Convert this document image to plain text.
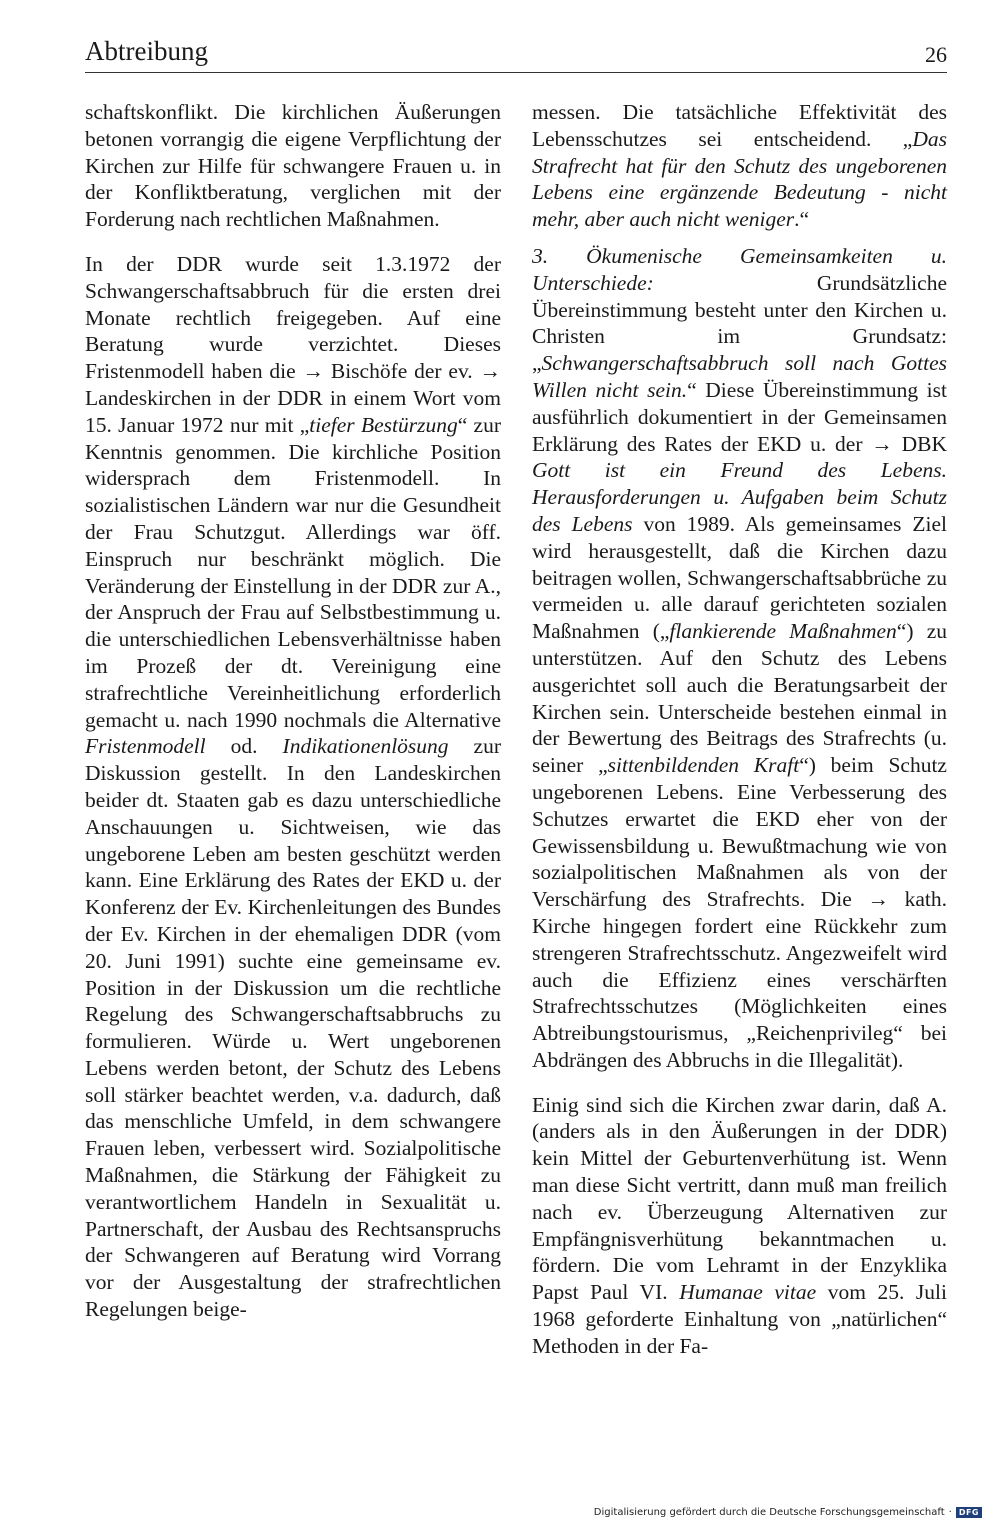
Abtreibung	26

schaftskonflikt. Die kirchlichen Äußerungen betonen vorrangig die eigene Verpflichtung der Kirchen zur Hilfe für schwangere Frauen u. in der Konfliktberatung, verglichen mit der Forderung nach rechtlichen Maßnahmen.

In der DDR wurde seit 1.3.1972 der Schwangerschaftsabbruch für die ersten drei Monate rechtlich freigegeben. Auf eine Beratung wurde verzichtet. Dieses Fristenmodell haben die → Bischöfe der ev. → Landeskirchen in der DDR in einem Wort vom 15. Januar 1972 nur mit „tiefer Bestürzung“ zur Kenntnis genommen. Die kirchliche Position widersprach dem Fristenmodell. In sozialistischen Ländern war nur die Gesundheit der Frau Schutzgut. Allerdings war öff. Einspruch nur beschränkt möglich. Die Veränderung der Einstellung in der DDR zur A., der Anspruch der Frau auf Selbstbestimmung u. die unterschiedlichen Lebensverhältnisse haben im Prozeß der dt. Vereinigung eine strafrechtliche Vereinheitlichung erforderlich gemacht u. nach 1990 nochmals die Alternative Fristenmodell od. Indikationenlösung zur Diskussion gestellt. In den Landeskirchen beider dt. Staaten gab es dazu unterschiedliche Anschauungen u. Sichtweisen, wie das ungeborene Leben am besten geschützt werden kann. Eine Erklärung des Rates der EKD u. der Konferenz der Ev. Kirchenleitungen des Bundes der Ev. Kirchen in der ehemaligen DDR (vom 20. Juni 1991) suchte eine gemeinsame ev. Position in der Diskussion um die rechtliche Regelung des Schwangerschaftsabbruchs zu formulieren. Würde u. Wert ungeborenen Lebens werden betont, der Schutz des Lebens soll stärker beachtet werden, v.a. dadurch, daß das menschliche Umfeld, in dem schwangere Frauen leben, verbessert wird. Sozialpolitische Maßnahmen, die Stärkung der Fähigkeit zu verantwortlichem Handeln in Sexualität u. Partnerschaft, der Ausbau des Rechtsanspruchs der Schwangeren auf Beratung wird Vorrang vor der Ausgestaltung der strafrechtlichen Regelungen beige-

messen. Die tatsächliche Effektivität des Lebensschutzes sei entscheidend. „Das Strafrecht hat für den Schutz des ungeborenen Lebens eine ergänzende Bedeutung - nicht mehr, aber auch nicht weniger.“

3. Ökumenische Gemeinsamkeiten u. Unterschiede: Grundsätzliche Übereinstimmung besteht unter den Kirchen u. Christen im Grundsatz: „Schwangerschaftsabbruch soll nach Gottes Willen nicht sein.“ Diese Übereinstimmung ist ausführlich dokumentiert in der Gemeinsamen Erklärung des Rates der EKD u. der → DBK Gott ist ein Freund des Lebens. Herausforderungen u. Aufgaben beim Schutz des Lebens von 1989. Als gemeinsames Ziel wird herausgestellt, daß die Kirchen dazu beitragen wollen, Schwangerschaftsabbrüche zu vermeiden u. alle darauf gerichteten sozialen Maßnahmen („flankierende Maßnahmen“) zu unterstützen. Auf den Schutz des Lebens ausgerichtet soll auch die Beratungsarbeit der Kirchen sein. Unterscheide bestehen einmal in der Bewertung des Beitrags des Strafrechts (u. seiner „sittenbildenden Kraft“) beim Schutz ungeborenen Lebens. Eine Verbesserung des Schutzes erwartet die EKD eher von der Gewissensbildung u. Bewußtmachung wie von sozialpolitischen Maßnahmen als von der Verschärfung des Strafrechts. Die → kath. Kirche hingegen fordert eine Rückkehr zum strengeren Strafrechtsschutz. Angezweifelt wird auch die Effizienz eines verschärften Strafrechtsschutzes (Möglichkeiten eines Abtreibungstourismus, „Reichenprivileg“ bei Abdrängen des Abbruchs in die Illegalität).

Einig sind sich die Kirchen zwar darin, daß A. (anders als in den Äußerungen in der DDR) kein Mittel der Geburtenverhütung ist. Wenn man diese Sicht vertritt, dann muß man freilich nach ev. Überzeugung Alternativen zur Empfängnisverhütung bekanntmachen u. fördern. Die vom Lehramt in der Enzyklika Papst Paul VI. Humanae vitae vom 25. Juli 1968 geforderte Einhaltung von „natürlichen“ Methoden in der Fa-

Digitalisierung gefördert durch die Deutsche Forschungsgemeinschaft · DFG
